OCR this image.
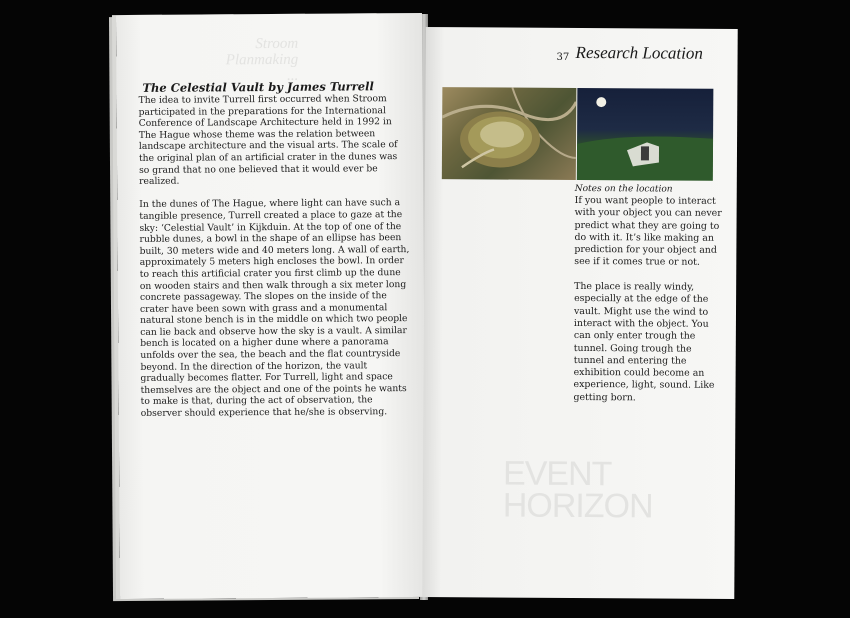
Stroom
Planmaking
...
The Celestial Vault by James Turrell

The idea to invite Turrell first occurred when Stroom participated in the preparations for the International Conference of Landscape Architecture held in 1992 in The Hague whose theme was the relation between landscape architecture and the visual arts. The scale of the original plan of an artificial crater in the dunes was so grand that no one believed that it would ever be realized.

In the dunes of The Hague, where light can have such a tangible presence, Turrell created a place to gaze at the sky: ‘Celestial Vault’ in Kijkduin. At the top of one of the rubble dunes, a bowl in the shape of an ellipse has been built, 30 meters wide and 40 meters long. A wall of earth, approximately 5 meters high encloses the bowl. In order to reach this artificial crater you first climb up the dune on wooden stairs and then walk through a six meter long concrete passageway. The slopes on the inside of the crater have been sown with grass and a monumental natural stone bench is in the middle on which two people can lie back and observe how the sky is a vault. A similar bench is located on a higher dune where a panorama unfolds over the sea, the beach and the flat countryside beyond. In the direction of the horizon, the vault gradually becomes flatter. For Turrell, light and space themselves are the object and one of the points he wants to make is that, during the act of observation, the observer should experience that he/she is observing.

EVENT
HORIZON
37 Research Location
Notes on the location

If you want people to interact with your object you can never predict what they are going to do with it. It’s like making an prediction for your object and see if it comes true or not.

The place is really windy, especially at the edge of the vault. Might use the wind to interact with the object. You can only enter trough the tunnel. Going trough the tunnel and entering the exhibition could become an experience, light, sound. Like getting born.
